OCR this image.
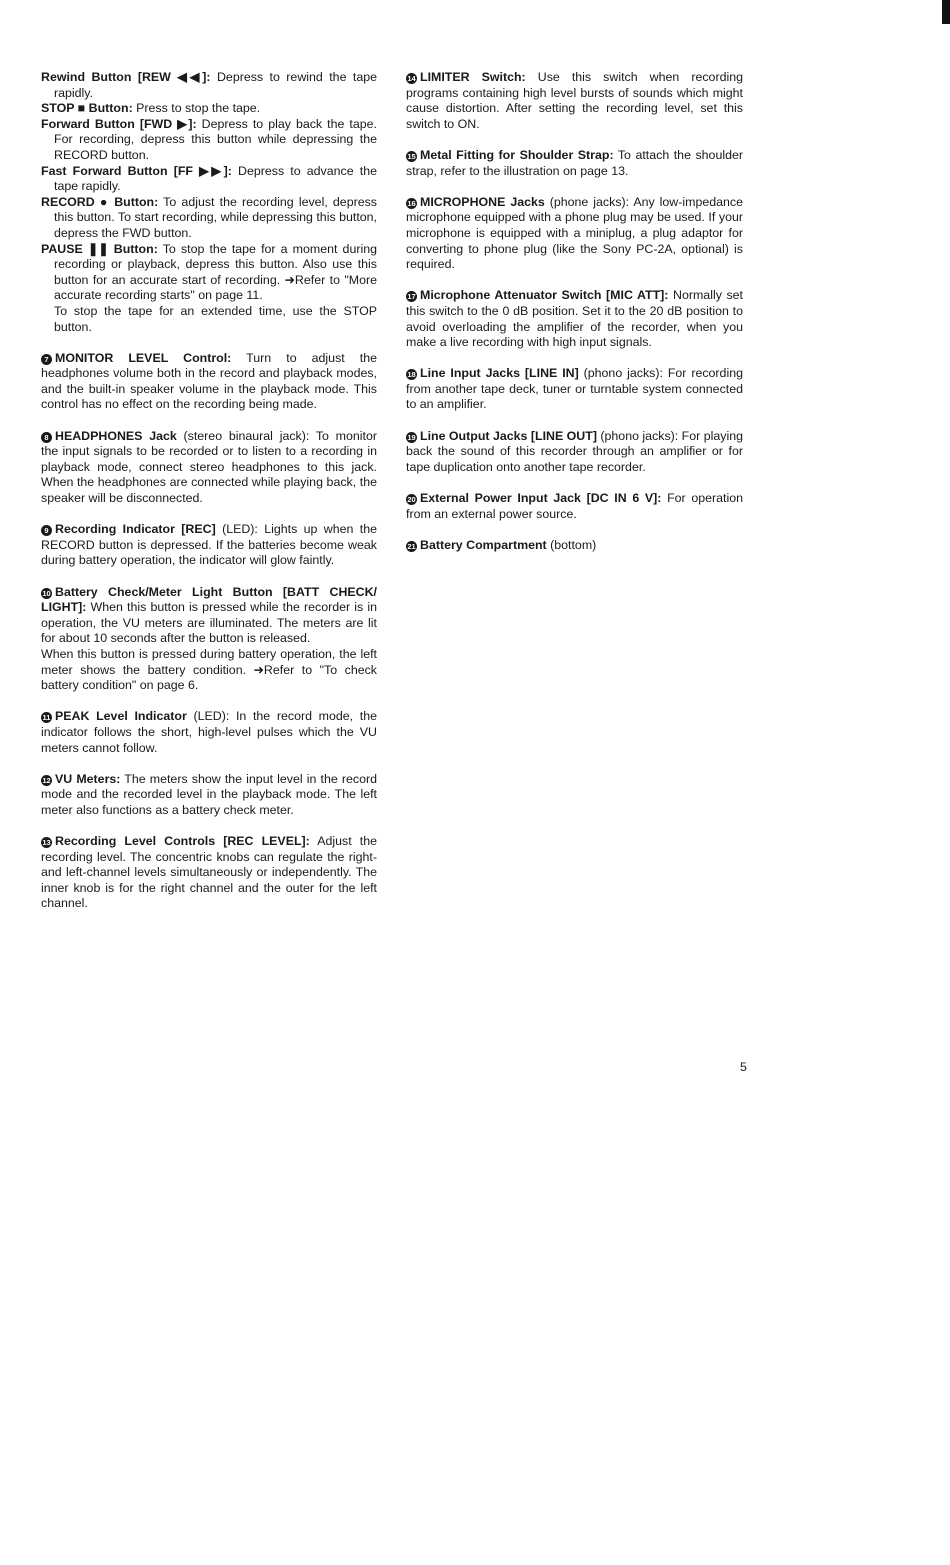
Rewind Button [REW ◀◀]: Depress to rewind the tape rapidly.

STOP ■ Button: Press to stop the tape.

Forward Button [FWD ▶]: Depress to play back the tape. For recording, depress this button while depressing the RECORD button.

Fast Forward Button [FF ▶▶]: Depress to advance the tape rapidly.

RECORD ● Button: To adjust the recording level, depress this button. To start recording, while depressing this button, depress the FWD button.

PAUSE ❚❚ Button: To stop the tape for a moment during recording or playback, depress this button. Also use this button for an accurate start of recording. ➜Refer to "More accurate recording starts" on page 11.

To stop the tape for an extended time, use the STOP button.

7 MONITOR LEVEL Control: Turn to adjust the headphones volume both in the record and playback modes, and the built-in speaker volume in the playback mode. This control has no effect on the recording being made.

8 HEADPHONES Jack (stereo binaural jack): To monitor the input signals to be recorded or to listen to a recording in playback mode, connect stereo headphones to this jack. When the headphones are connected while playing back, the speaker will be disconnected.

9 Recording Indicator [REC] (LED): Lights up when the RECORD button is depressed. If the batteries become weak during battery operation, the indicator will glow faintly.

10 Battery Check/Meter Light Button [BATT CHECK/ LIGHT]: When this button is pressed while the recorder is in operation, the VU meters are illuminated. The meters are lit for about 10 seconds after the button is released.

When this button is pressed during battery operation, the left meter shows the battery condition. ➜Refer to "To check battery condition" on page 6.

11 PEAK Level Indicator (LED): In the record mode, the indicator follows the short, high-level pulses which the VU meters cannot follow.

12 VU Meters: The meters show the input level in the record mode and the recorded level in the playback mode. The left meter also functions as a battery check meter.

13 Recording Level Controls [REC LEVEL]: Adjust the recording level. The concentric knobs can regulate the right- and left-channel levels simultaneously or independently. The inner knob is for the right channel and the outer for the left channel.

14 LIMITER Switch: Use this switch when recording programs containing high level bursts of sounds which might cause distortion. After setting the recording level, set this switch to ON.

15 Metal Fitting for Shoulder Strap: To attach the shoulder strap, refer to the illustration on page 13.

16 MICROPHONE Jacks (phone jacks): Any low-impedance microphone equipped with a phone plug may be used. If your microphone is equipped with a miniplug, a plug adaptor for converting to phone plug (like the Sony PC-2A, optional) is required.

17 Microphone Attenuator Switch [MIC ATT]: Normally set this switch to the 0 dB position. Set it to the 20 dB position to avoid overloading the amplifier of the recorder, when you make a live recording with high input signals.

18 Line Input Jacks [LINE IN] (phono jacks): For recording from another tape deck, tuner or turntable system connected to an amplifier.

19 Line Output Jacks [LINE OUT] (phono jacks): For playing back the sound of this recorder through an amplifier or for tape duplication onto another tape recorder.

20 External Power Input Jack [DC IN 6 V]: For operation from an external power source.

21 Battery Compartment (bottom)

5
